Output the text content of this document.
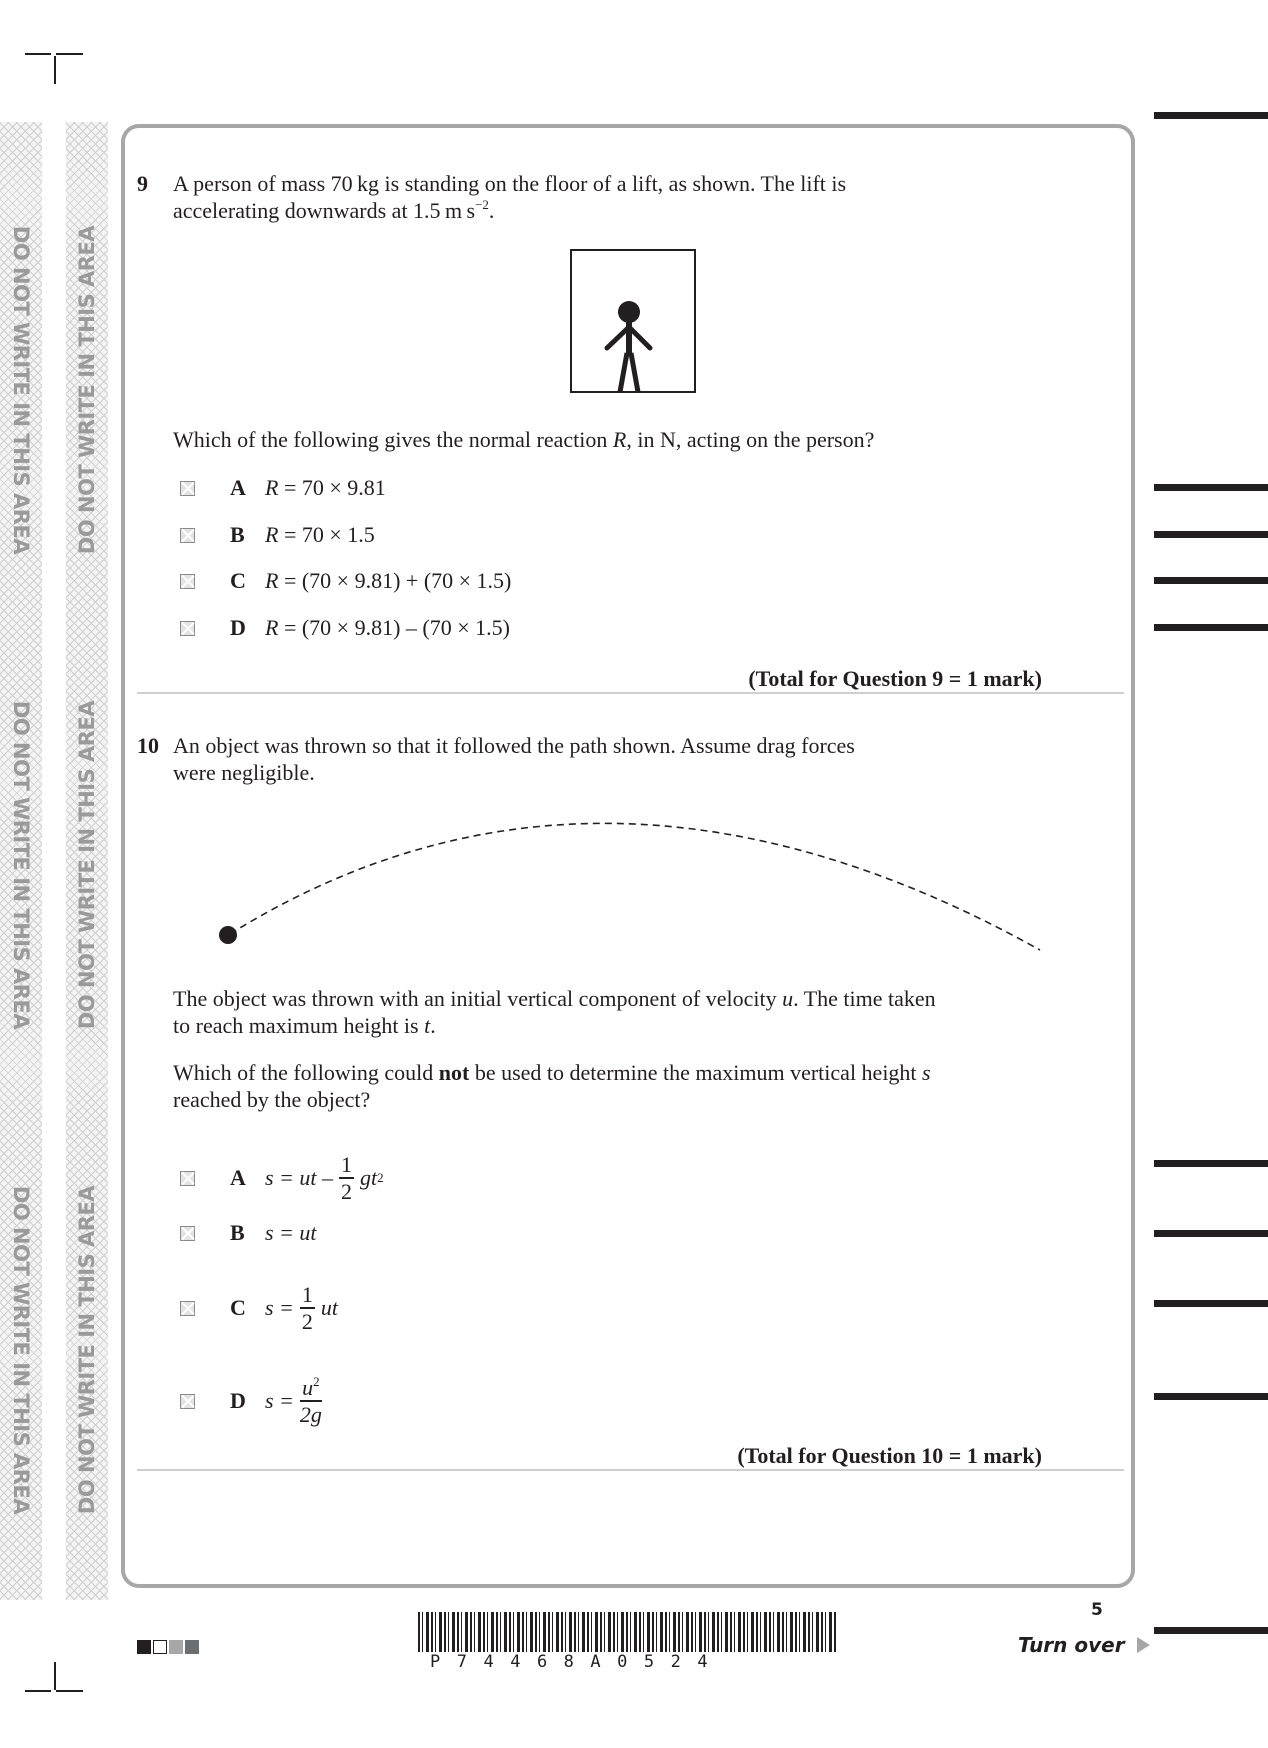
DO NOT WRITE IN THIS AREA DO NOT WRITE IN THIS AREA
DO NOT WRITE IN THIS AREA DO NOT WRITE IN THIS AREA
DO NOT WRITE IN THIS AREA DO NOT WRITE IN THIS AREA
9 A person of mass 70 kg is standing on the floor of a lift, as shown. The lift is
accelerating downwards at 1.5 m $s^{-2}$.
Which of the following gives the normal reaction R, in N, acting on the person?
A R = 70 × 9.81
B R = 70 × 1.5
C R = (70 × 9.81) + (70 × 1.5)
D R = (70 × 9.81) – (70 × 1.5)
(Total for Question 9 = 1 mark)
10 An object was thrown so that it followed the path shown. Assume drag forces
were negligible.
The object was thrown with an initial vertical component of velocity u. The time taken
to reach maximum height is t.
Which of the following could not be used to determine the maximum vertical height s
reached by the object?
A s = ut – $\frac{1}{2}$ gt 2
B s = ut
C $s = \frac{1}{2}$ ut
D $s = \frac{u^2}{2g}$
(Total for Question 10 = 1 mark)
5
P74468A0524
Turn over
